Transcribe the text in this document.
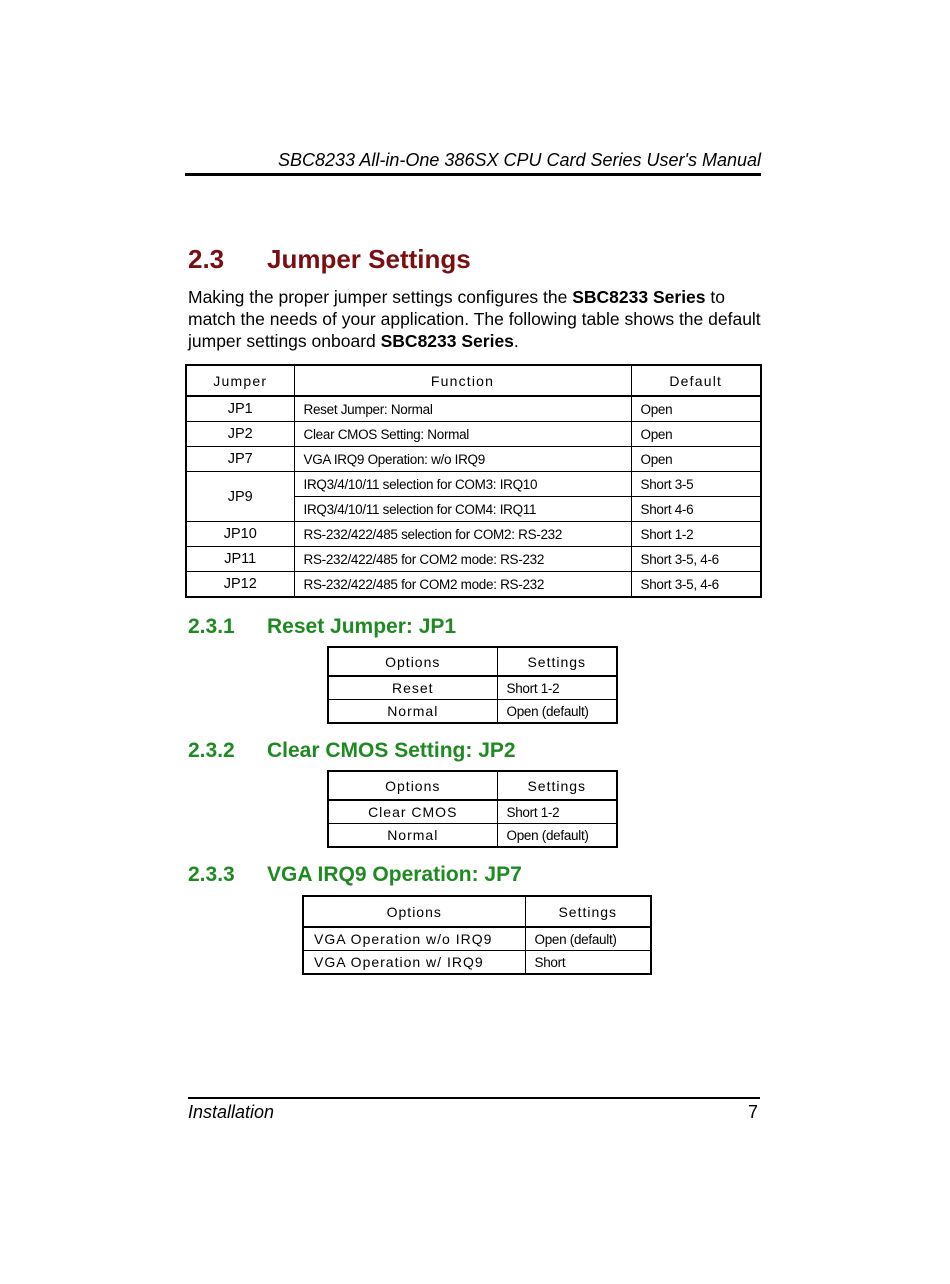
SBC8233 All-in-One 386SX CPU Card Series User's Manual
2.3 Jumper Settings
Making the proper jumper settings configures the SBC8233 Series to match the needs of your application. The following table shows the default jumper settings onboard SBC8233 Series.
Jumper	Function	Default
JP1	Reset Jumper: Normal	Open
JP2	Clear CMOS Setting: Normal	Open
JP7	VGA IRQ9 Operation: w/o IRQ9	Open
JP9	IRQ3/4/10/11 selection for COM3: IRQ10	Short 3-5
	IRQ3/4/10/11 selection for COM4: IRQ11	Short 4-6
JP10	RS-232/422/485 selection for COM2: RS-232	Short 1-2
JP11	RS-232/422/485 for COM2 mode: RS-232	Short 3-5, 4-6
JP12	RS-232/422/485 for COM2 mode: RS-232	Short 3-5, 4-6
2.3.1 Reset Jumper: JP1
Options	Settings
Reset	Short 1-2
Normal	Open (default)
2.3.2 Clear CMOS Setting: JP2
Options	Settings
Clear CMOS	Short 1-2
Normal	Open (default)
2.3.3 VGA IRQ9 Operation: JP7
Options	Settings
VGA Operation w/o IRQ9	Open (default)
VGA Operation w/ IRQ9	Short
Installation	7
